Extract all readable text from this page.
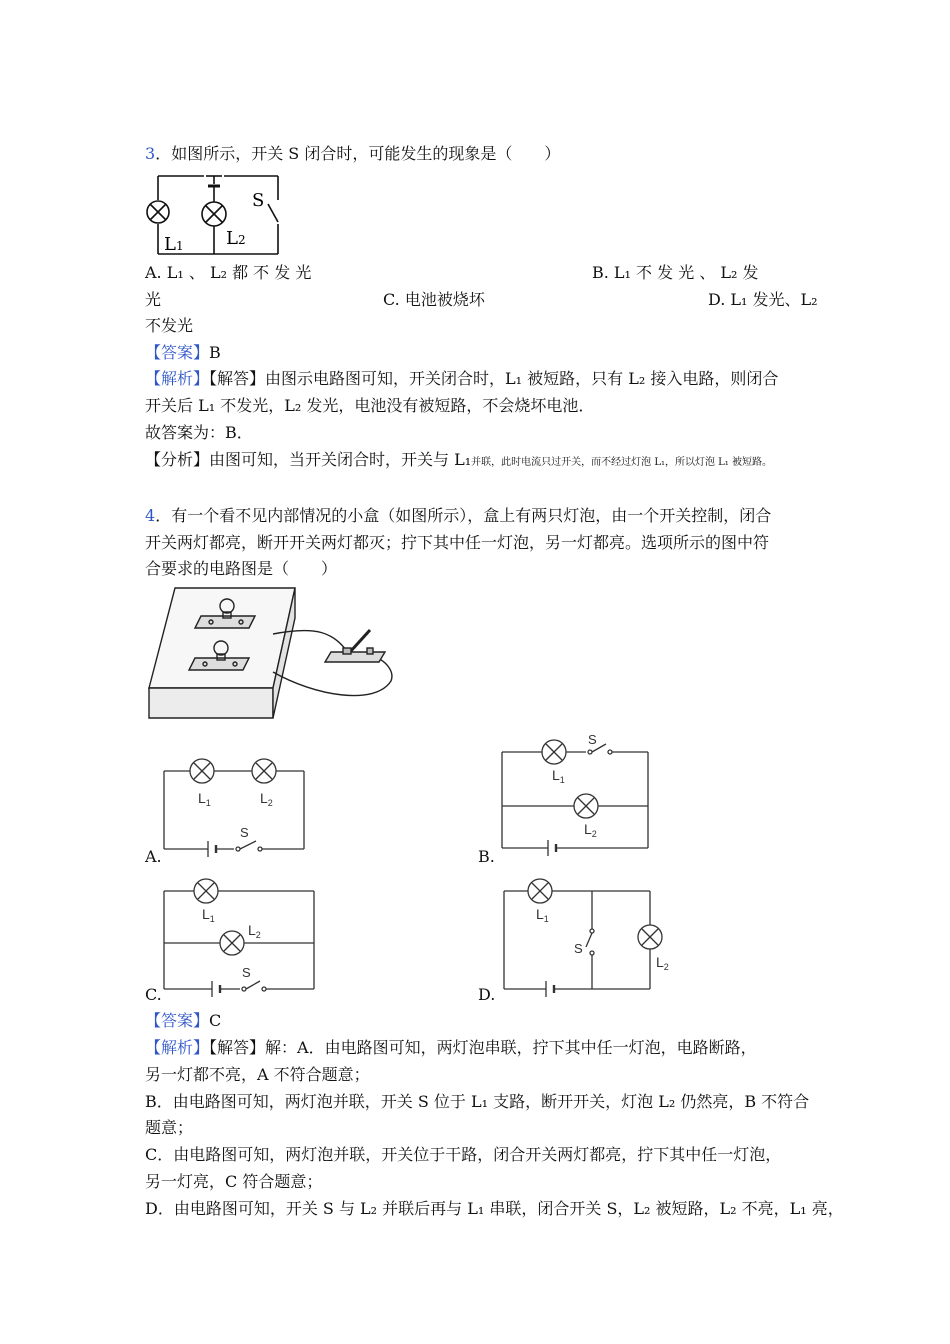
3．如图所示，开关 S 闭合时，可能发生的现象是（　　）
S
L1 L2
A. L₁ 、 L₂ 都 不 发 光	B. L₁ 不 发 光 、 L₂ 发
光	C. 电池被烧坏	D. L₁ 发光、L₂
不发光
【答案】B
【解析】【解答】由图示电路图可知，开关闭合时，L₁ 被短路，只有 L₂ 接入电路，则闭合
开关后 L₁ 不发光，L₂ 发光，电池没有被短路，不会烧坏电池．
故答案为：B．
【分析】由图可知，当开关闭合时，开关与 L₁并联，此时电流只过开关，而不经过灯泡 L₁，所以灯泡 L₁ 被短路。
4．有一个看不见内部情况的小盒（如图所示），盒上有两只灯泡，由一个开关控制，闭合
开关两灯都亮，断开开关两灯都灭；拧下其中任一灯泡，另一灯都亮。选项所示的图中符
合要求的电路图是（　　）
$L_1$	$L_2$
S
A.
S
$L_1$
$L_2$
B.
$L_1$
$L_2$
S
C.
$L_1$
S
$L_2$
D.
【答案】C
【解析】【解答】解：A．由电路图可知，两灯泡串联，拧下其中任一灯泡，电路断路，
另一灯都不亮，A 不符合题意；
B．由电路图可知，两灯泡并联，开关 S 位于 L₁ 支路，断开开关，灯泡 L₂ 仍然亮，B 不符合
题意；
C．由电路图可知，两灯泡并联，开关位于干路，闭合开关两灯都亮，拧下其中任一灯泡，
另一灯亮，C 符合题意；
D．由电路图可知，开关 S 与 L₂ 并联后再与 L₁ 串联，闭合开关 S，L₂ 被短路，L₂ 不亮，L₁ 亮，
